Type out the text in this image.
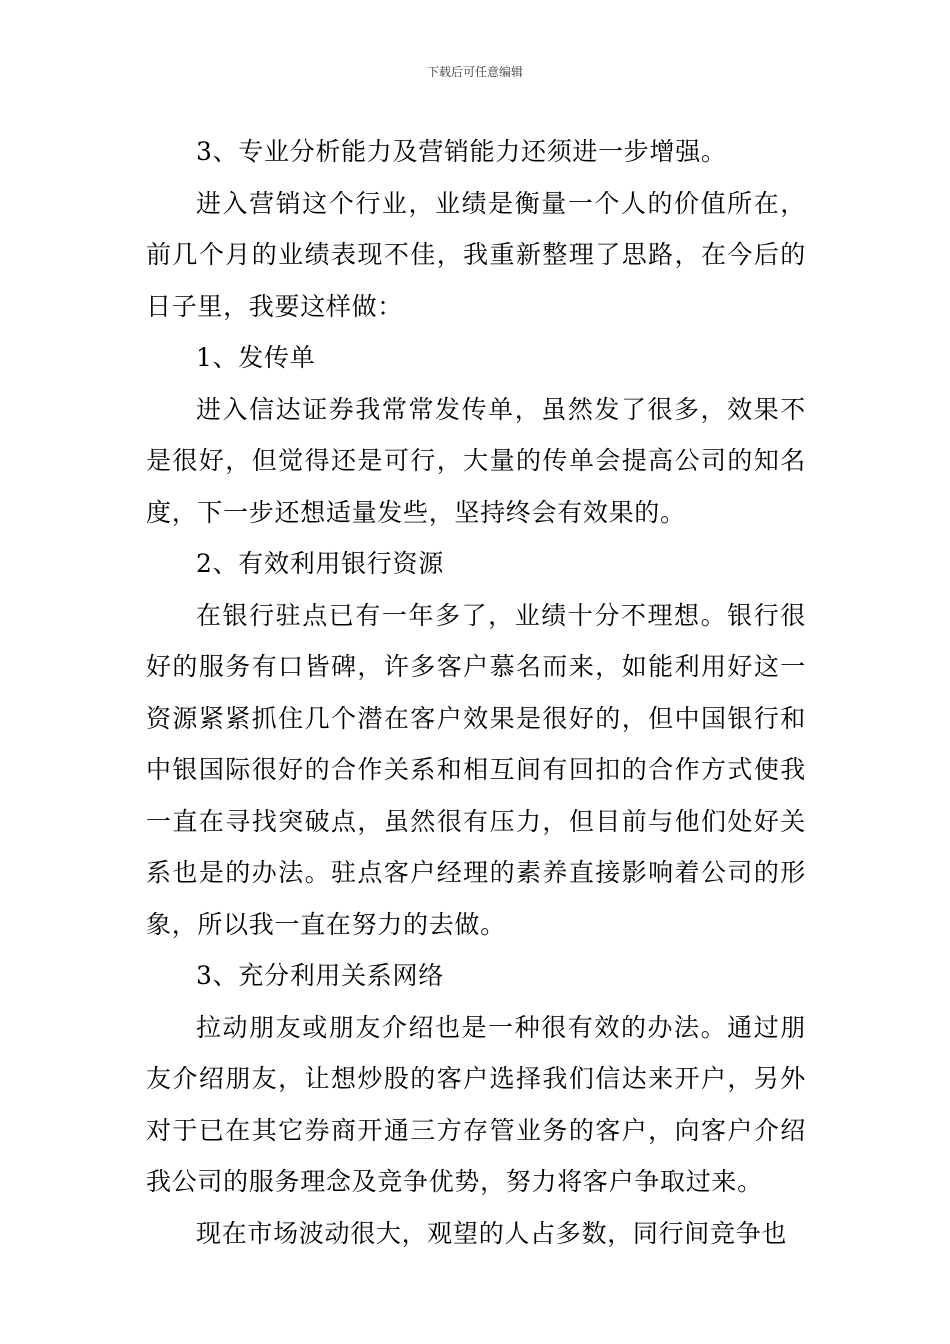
下载后可任意编辑

3、专业分析能力及营销能力还须进一步增强。

进入营销这个行业，业绩是衡量一个人的价值所在，前几个月的业绩表现不佳，我重新整理了思路，在今后的日子里，我要这样做：

1、发传单

进入信达证券我常常发传单，虽然发了很多，效果不是很好，但觉得还是可行，大量的传单会提高公司的知名度，下一步还想适量发些，坚持终会有效果的。

2、有效利用银行资源

在银行驻点已有一年多了，业绩十分不理想。银行很好的服务有口皆碑，许多客户慕名而来，如能利用好这一资源紧紧抓住几个潜在客户效果是很好的，但中国银行和中银国际很好的合作关系和相互间有回扣的合作方式使我一直在寻找突破点，虽然很有压力，但目前与他们处好关系也是的办法。驻点客户经理的素养直接影响着公司的形象，所以我一直在努力的去做。

3、充分利用关系网络

拉动朋友或朋友介绍也是一种很有效的办法。通过朋友介绍朋友，让想炒股的客户选择我们信达来开户，另外对于已在其它券商开通三方存管业务的客户，向客户介绍我公司的服务理念及竞争优势，努力将客户争取过来。

现在市场波动很大，观望的人占多数，同行间竞争也
